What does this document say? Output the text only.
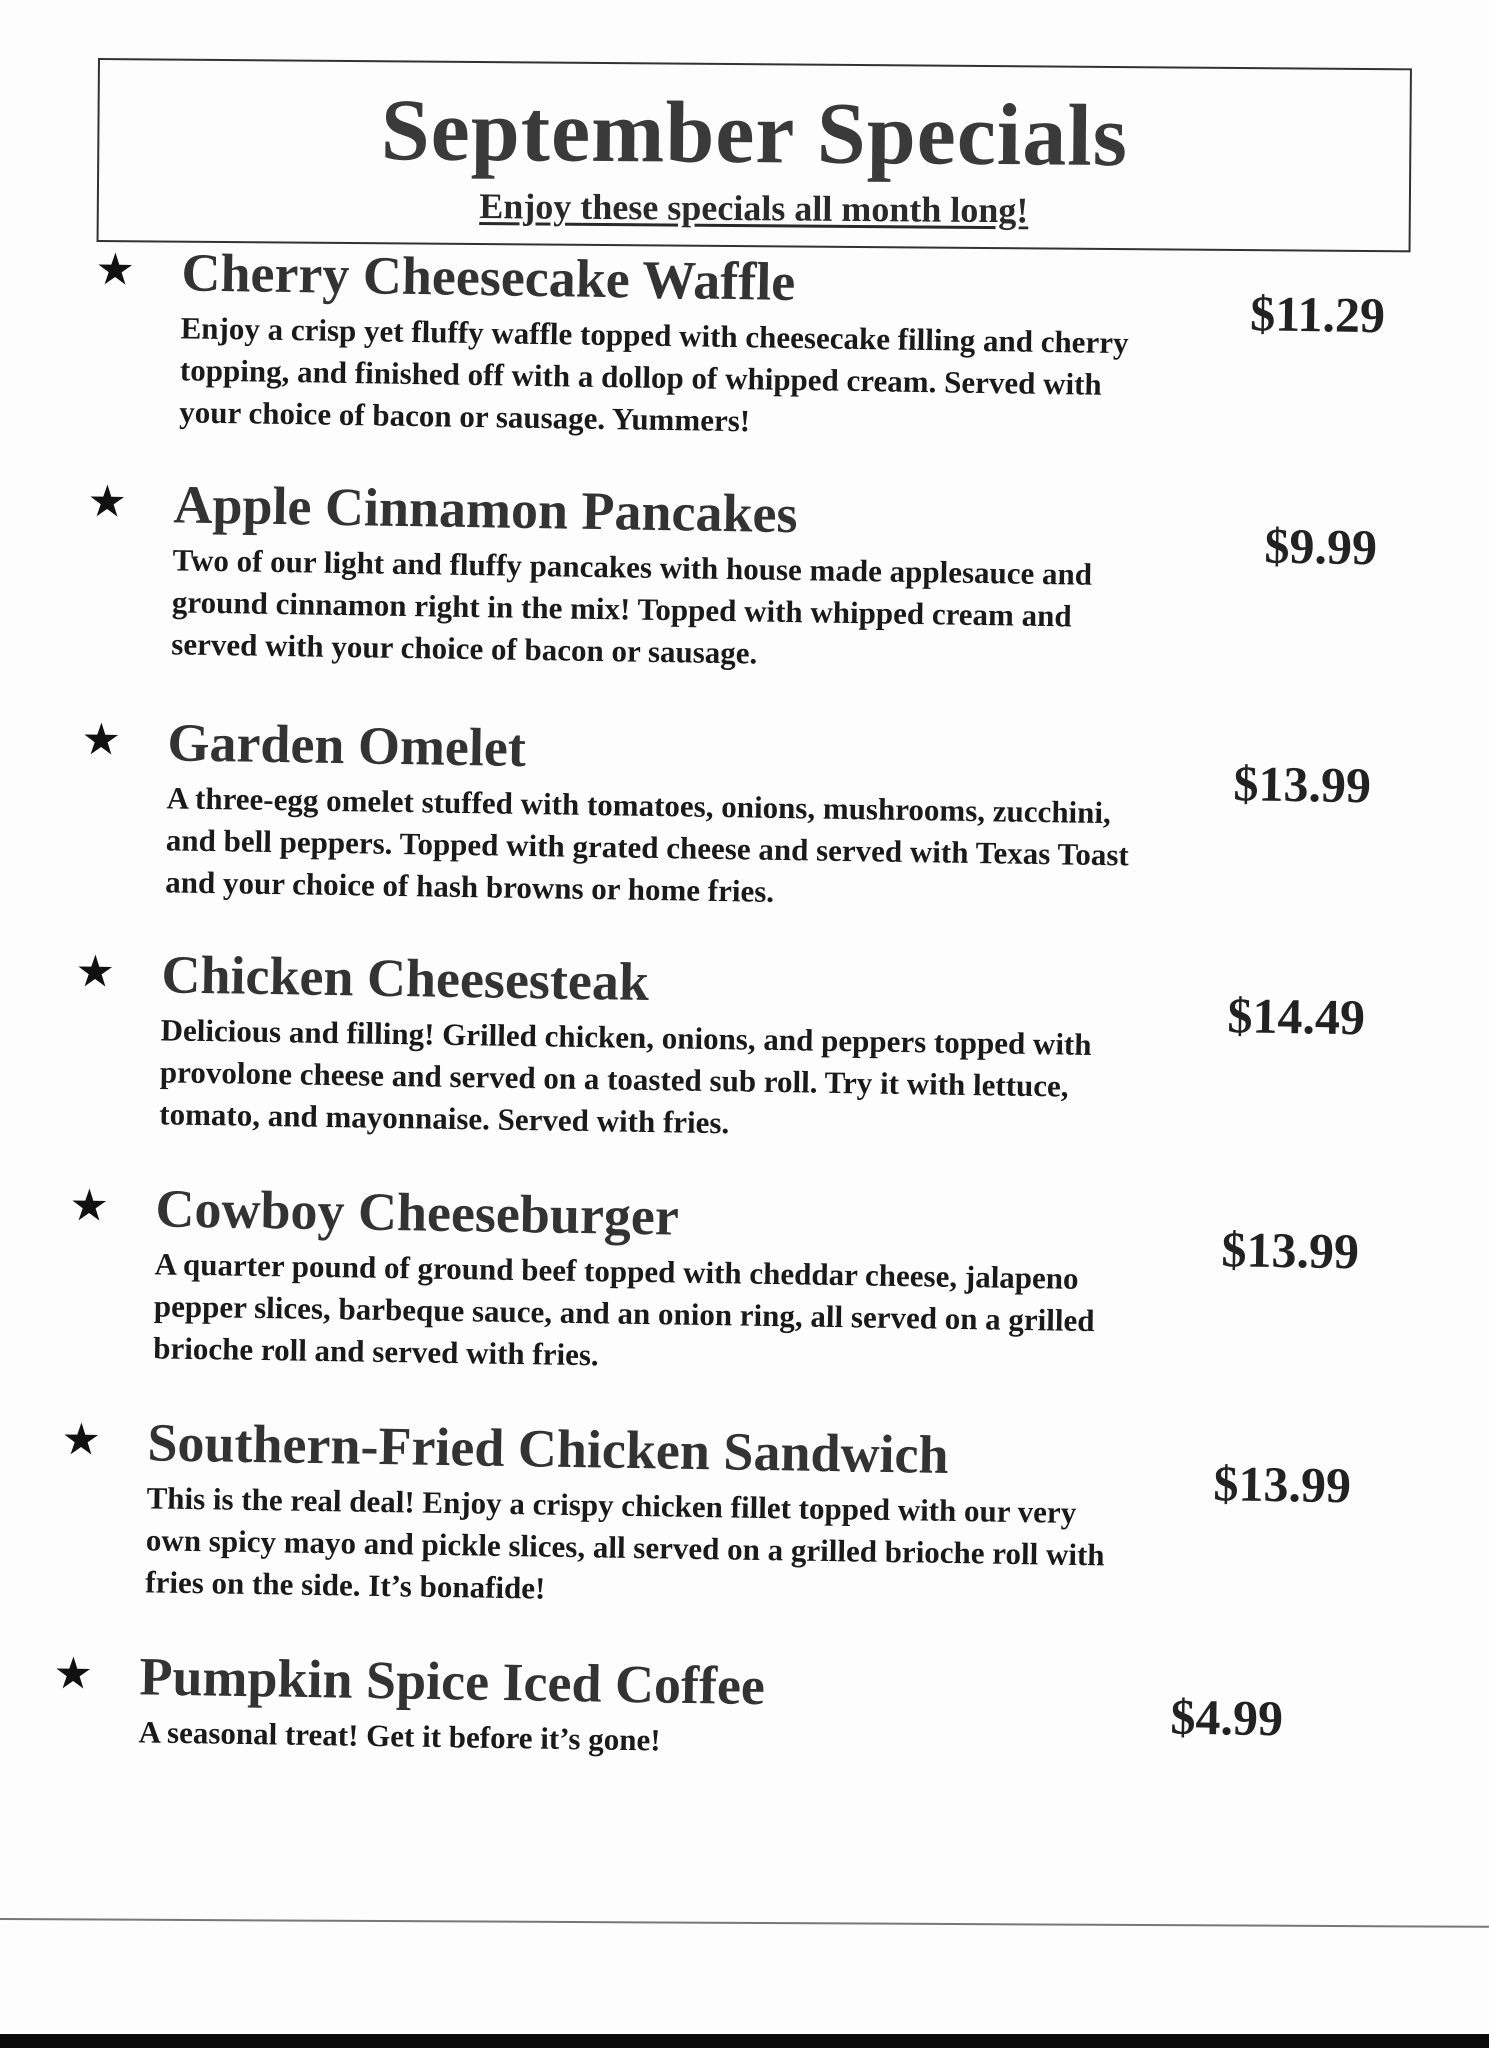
September Specials
Enjoy these specials all month long!
★ Cherry Cheesecake Waffle
$11.29
Enjoy a crisp yet fluffy waffle topped with cheesecake filling and cherry
topping, and finished off with a dollop of whipped cream. Served with
your choice of bacon or sausage. Yummers!
★ Apple Cinnamon Pancakes
$9.99
Two of our light and fluffy pancakes with house made applesauce and
ground cinnamon right in the mix! Topped with whipped cream and
served with your choice of bacon or sausage.
★ Garden Omelet
$13.99
A three-egg omelet stuffed with tomatoes, onions, mushrooms, zucchini,
and bell peppers. Topped with grated cheese and served with Texas Toast
and your choice of hash browns or home fries.
★ Chicken Cheesesteak
$14.49
Delicious and filling! Grilled chicken, onions, and peppers topped with
provolone cheese and served on a toasted sub roll. Try it with lettuce,
tomato, and mayonnaise. Served with fries.
★ Cowboy Cheeseburger
$13.99
A quarter pound of ground beef topped with cheddar cheese, jalapeno
pepper slices, barbeque sauce, and an onion ring, all served on a grilled
brioche roll and served with fries.
★ Southern-Fried Chicken Sandwich	$13.99
This is the real deal! Enjoy a crispy chicken fillet topped with our very
own spicy mayo and pickle slices, all served on a grilled brioche roll with
fries on the side. It’s bonafide!
★ Pumpkin Spice Iced Coffee
$4.99
A seasonal treat! Get it before it’s gone!
